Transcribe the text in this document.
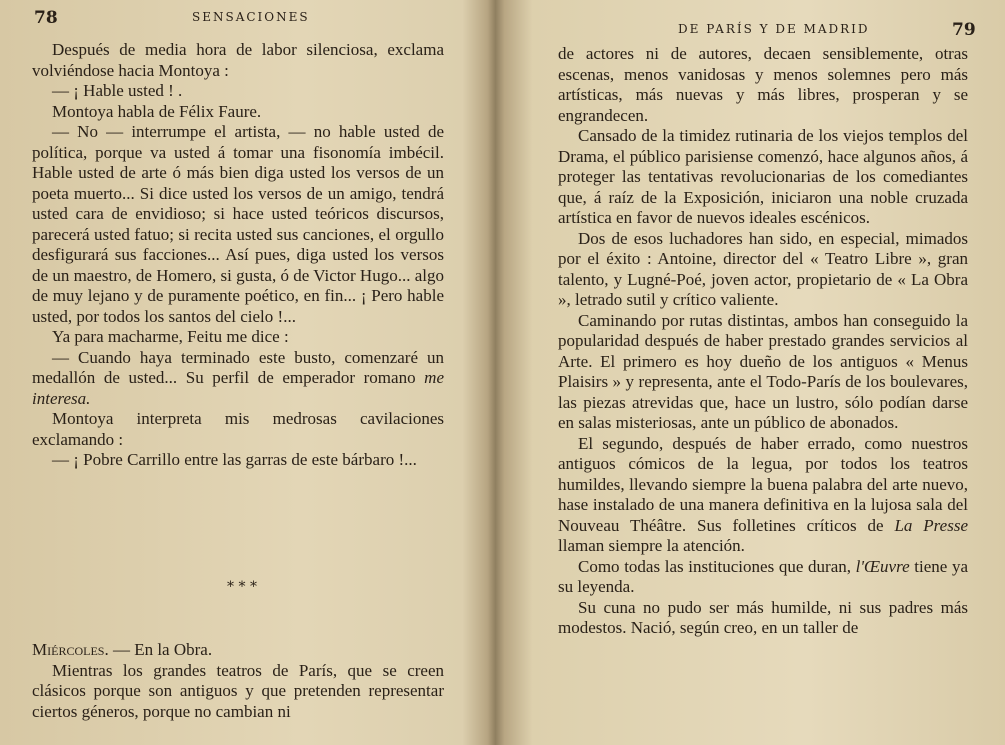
78	SENSACIONES

Después de media hora de labor silenciosa, exclama volviéndose hacia Montoya :

— ¡ Hable usted ! .

Montoya habla de Félix Faure.

— No — interrumpe el artista, — no hable usted de política, porque va usted á tomar una fisonomía imbécil. Hable usted de arte ó más bien diga usted los versos de un poeta muerto... Si dice usted los versos de un amigo, tendrá usted cara de envidioso; si hace usted teóricos discursos, parecerá usted fatuo; si recita usted sus canciones, el orgullo desfigurará sus facciones... Así pues, diga usted los versos de un maestro, de Homero, si gusta, ó de Victor Hugo... algo de muy lejano y de puramente poético, en fin... ¡ Pero hable usted, por todos los santos del cielo !...

Ya para macharme, Feitu me dice :

— Cuando haya terminado este busto, comenzaré un medallón de usted... Su perfil de emperador romano me interesa.

Montoya interpreta mis medrosas cavilaciones exclamando :

— ¡ Pobre Carrillo entre las garras de este bárbaro !...

* * *

Miércoles. — En la Obra.

Mientras los grandes teatros de París, que se creen clásicos porque son antiguos y que pretenden representar ciertos géneros, porque no cambian ni

DE PARÍS Y DE MADRID	79

de actores ni de autores, decaen sensiblemente, otras escenas, menos vanidosas y menos solemnes pero más artísticas, más nuevas y más libres, prosperan y se engrandecen.

Cansado de la timidez rutinaria de los viejos templos del Drama, el público parisiense comenzó, hace algunos años, á proteger las tentativas revolucionarias de los comediantes que, á raíz de la Exposición, iniciaron una noble cruzada artística en favor de nuevos ideales escénicos.

Dos de esos luchadores han sido, en especial, mimados por el éxito : Antoine, director del « Teatro Libre », gran talento, y Lugné-Poé, joven actor, propietario de « La Obra », letrado sutil y crítico valiente.

Caminando por rutas distintas, ambos han conseguido la popularidad después de haber prestado grandes servicios al Arte. El primero es hoy dueño de los antiguos « Menus Plaisirs » y representa, ante el Todo-París de los boulevares, las piezas atrevidas que, hace un lustro, sólo podían darse en salas misteriosas, ante un público de abonados.

El segundo, después de haber errado, como nuestros antiguos cómicos de la legua, por todos los teatros humildes, llevando siempre la buena palabra del arte nuevo, hase instalado de una manera definitiva en la lujosa sala del Nouveau Théâtre. Sus folletines críticos de La Presse llaman siempre la atención.

Como todas las instituciones que duran, l'Œuvre tiene ya su leyenda.

Su cuna no pudo ser más humilde, ni sus padres más modestos. Nació, según creo, en un taller de
